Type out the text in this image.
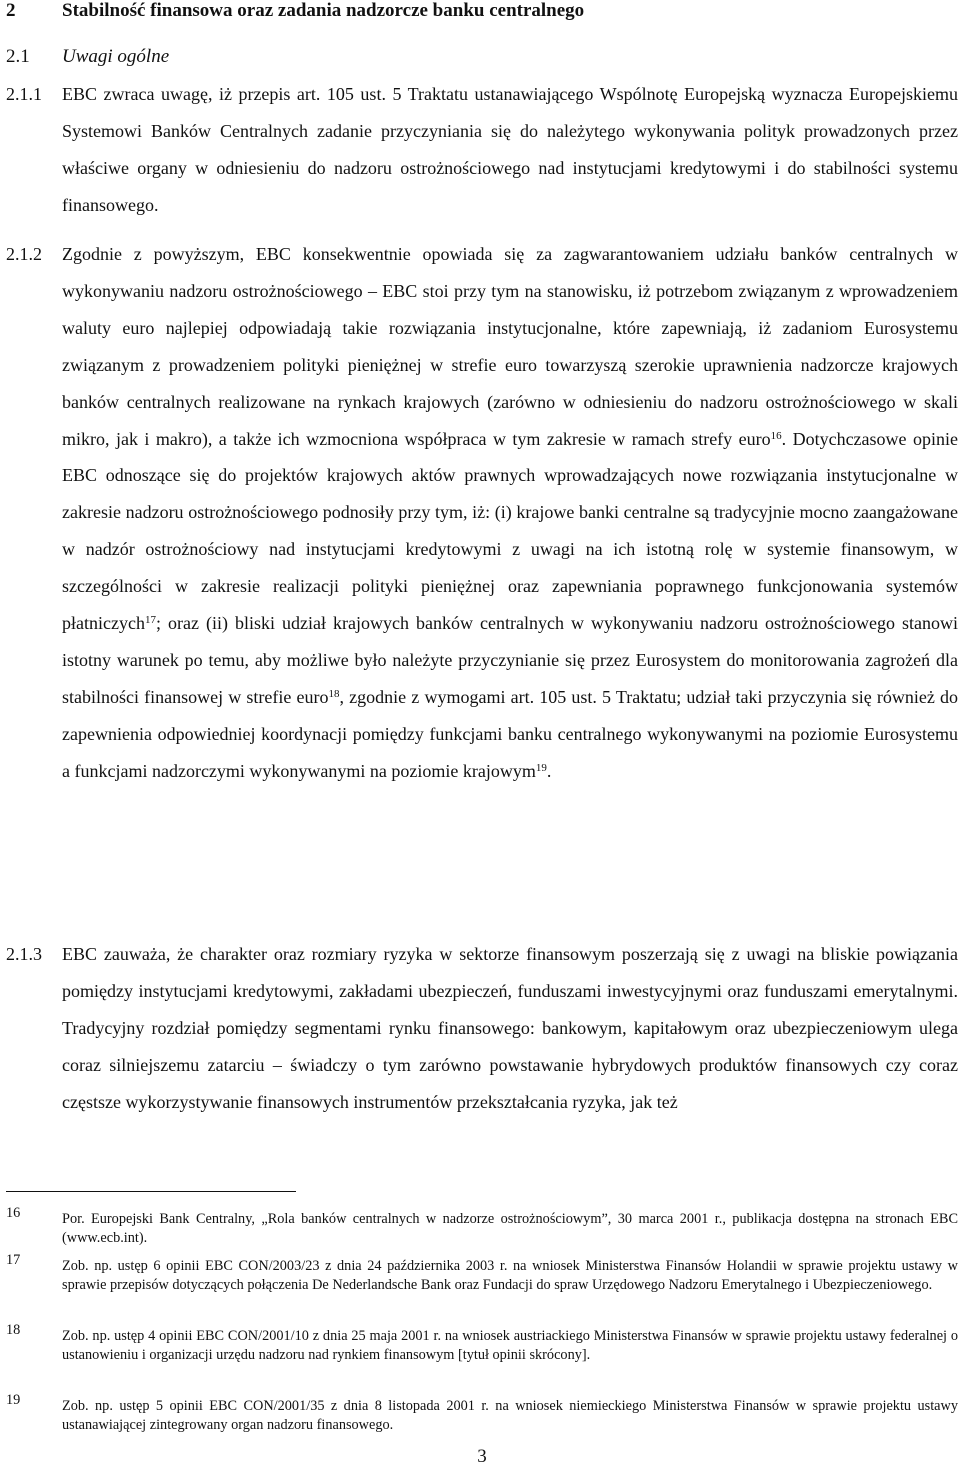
2 Stabilność finansowa oraz zadania nadzorcze banku centralnego
2.1 Uwagi ogólne
2.1.1 EBC zwraca uwagę, iż przepis art. 105 ust. 5 Traktatu ustanawiającego Wspólnotę Europejską wyznacza Europejskiemu Systemowi Banków Centralnych zadanie przyczyniania się do należytego wykonywania polityk prowadzonych przez właściwe organy w odniesieniu do nadzoru ostrożnościowego nad instytucjami kredytowymi i do stabilności systemu finansowego.
2.1.2 Zgodnie z powyższym, EBC konsekwentnie opowiada się za zagwarantowaniem udziału banków centralnych w wykonywaniu nadzoru ostrożnościowego – EBC stoi przy tym na stanowisku, iż potrzebom związanym z wprowadzeniem waluty euro najlepiej odpowiadają takie rozwiązania instytucjonalne, które zapewniają, iż zadaniom Eurosystemu związanym z prowadzeniem polityki pieniężnej w strefie euro towarzyszą szerokie uprawnienia nadzorcze krajowych banków centralnych realizowane na rynkach krajowych (zarówno w odniesieniu do nadzoru ostrożnościowego w skali mikro, jak i makro), a także ich wzmocniona współpraca w tym zakresie w ramach strefy euro$^{16}$. Dotychczasowe opinie EBC odnoszące się do projektów krajowych aktów prawnych wprowadzających nowe rozwiązania instytucjonalne w zakresie nadzoru ostrożnościowego podnosiły przy tym, iż: (i) krajowe banki centralne są tradycyjnie mocno zaangażowane w nadzór ostrożnościowy nad instytucjami kredytowymi z uwagi na ich istotną rolę w systemie finansowym, w szczególności w zakresie realizacji polityki pieniężnej oraz zapewniania poprawnego funkcjonowania systemów płatniczych$^{17}$; oraz (ii) bliski udział krajowych banków centralnych w wykonywaniu nadzoru ostrożnościowego stanowi istotny warunek po temu, aby możliwe było należyte przyczynianie się przez Eurosystem do monitorowania zagrożeń dla stabilności finansowej w strefie euro$^{18}$, zgodnie z wymogami art. 105 ust. 5 Traktatu; udział taki przyczynia się również do zapewnienia odpowiedniej koordynacji pomiędzy funkcjami banku centralnego wykonywanymi na poziomie Eurosystemu a funkcjami nadzorczymi wykonywanymi na poziomie krajowym$^{19}$.
2.1.3 EBC zauważa, że charakter oraz rozmiary ryzyka w sektorze finansowym poszerzają się z uwagi na bliskie powiązania pomiędzy instytucjami kredytowymi, zakładami ubezpieczeń, funduszami inwestycyjnymi oraz funduszami emerytalnymi. Tradycyjny rozdział pomiędzy segmentami rynku finansowego: bankowym, kapitałowym oraz ubezpieczeniowym ulega coraz silniejszemu zatarciu – świadczy o tym zarówno powstawanie hybrydowych produktów finansowych czy coraz częstsze wykorzystywanie finansowych instrumentów przekształcania ryzyka, jak też
16	Por. Europejski Bank Centralny, „Rola banków centralnych w nadzorze ostrożnościowym”, 30 marca 2001 r., publikacja dostępna na stronach EBC (www.ecb.int).
17	Zob. np. ustęp 6 opinii EBC CON/2003/23 z dnia 24 października 2003 r. na wniosek Ministerstwa Finansów Holandii w sprawie projektu ustawy w sprawie przepisów dotyczących połączenia De Nederlandsche Bank oraz Fundacji do spraw Urzędowego Nadzoru Emerytalnego i Ubezpieczeniowego.
18	Zob. np. ustęp 4 opinii EBC CON/2001/10 z dnia 25 maja 2001 r. na wniosek austriackiego Ministerstwa Finansów w sprawie projektu ustawy federalnej o ustanowieniu i organizacji urzędu nadzoru nad rynkiem finansowym [tytuł opinii skrócony].
19	Zob. np. ustęp 5 opinii EBC CON/2001/35 z dnia 8 listopada 2001 r. na wniosek niemieckiego Ministerstwa Finansów w sprawie projektu ustawy ustanawiającej zintegrowany organ nadzoru finansowego.
3
